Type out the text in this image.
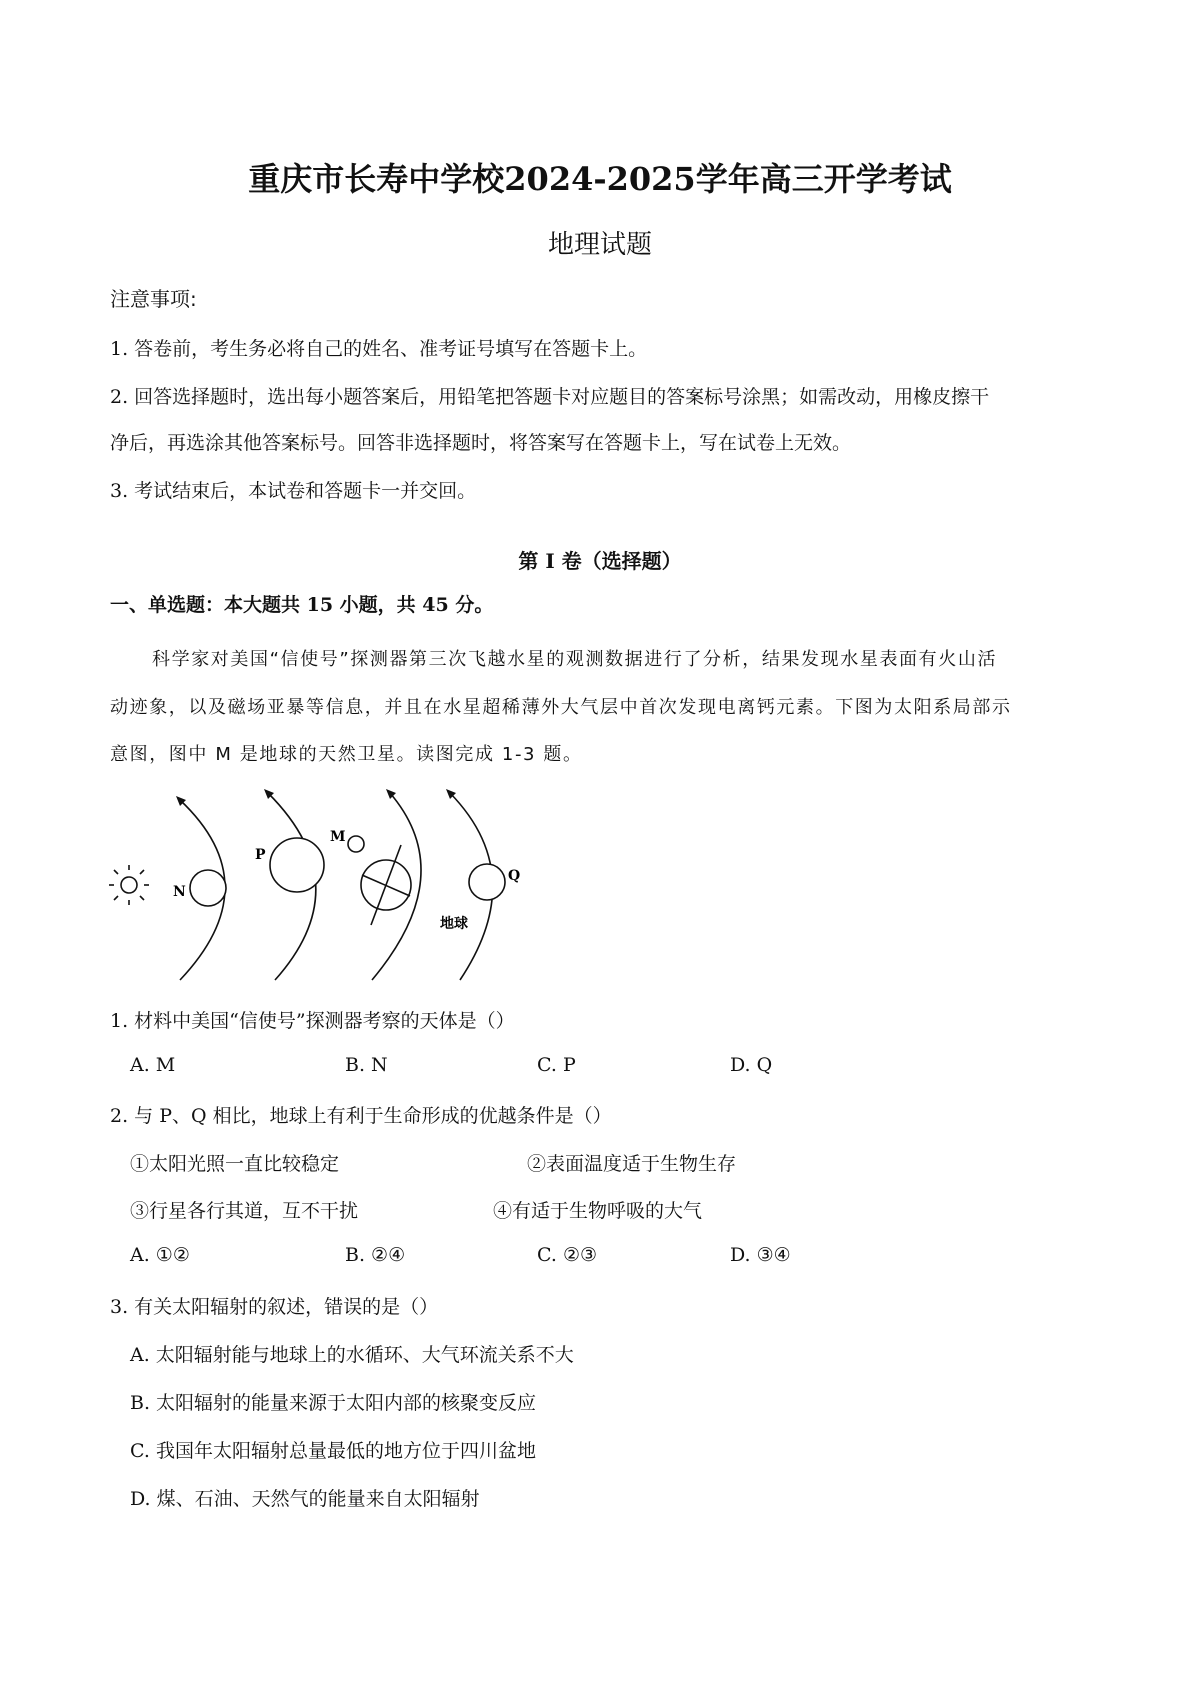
重庆市长寿中学校2024-2025学年高三开学考试
地理试题
注意事项:
1. 答卷前，考生务必将自己的姓名、准考证号填写在答题卡上。
2. 回答选择题时，选出每小题答案后，用铅笔把答题卡对应题目的答案标号涂黑；如需改动，用橡皮擦干
净后，再选涂其他答案标号。回答非选择题时，将答案写在答题卡上，写在试卷上无效。
3. 考试结束后，本试卷和答题卡一并交回。
第 I 卷（选择题）
一、单选题：本大题共 15 小题，共 45 分。
科学家对美国“信使号”探测器第三次飞越水星的观测数据进行了分析，结果发现水星表面有火山活
动迹象，以及磁场亚暴等信息，并且在水星超稀薄外大气层中首次发现电离钙元素。下图为太阳系局部示
意图，图中 M 是地球的天然卫星。读图完成 1-3 题。
N
P
M
Q
地球
1. 材料中美国“信使号”探测器考察的天体是（）
A. M	B. N	C. P	D. Q
2. 与 P、Q 相比，地球上有利于生命形成的优越条件是（）
①太阳光照一直比较稳定	②表面温度适于生物生存
③行星各行其道，互不干扰	④有适于生物呼吸的大气
A. ①②	B. ②④	C. ②③	D. ③④
3. 有关太阳辐射的叙述，错误的是（）
A. 太阳辐射能与地球上的水循环、大气环流关系不大
B. 太阳辐射的能量来源于太阳内部的核聚变反应
C. 我国年太阳辐射总量最低的地方位于四川盆地
D. 煤、石油、天然气的能量来自太阳辐射
